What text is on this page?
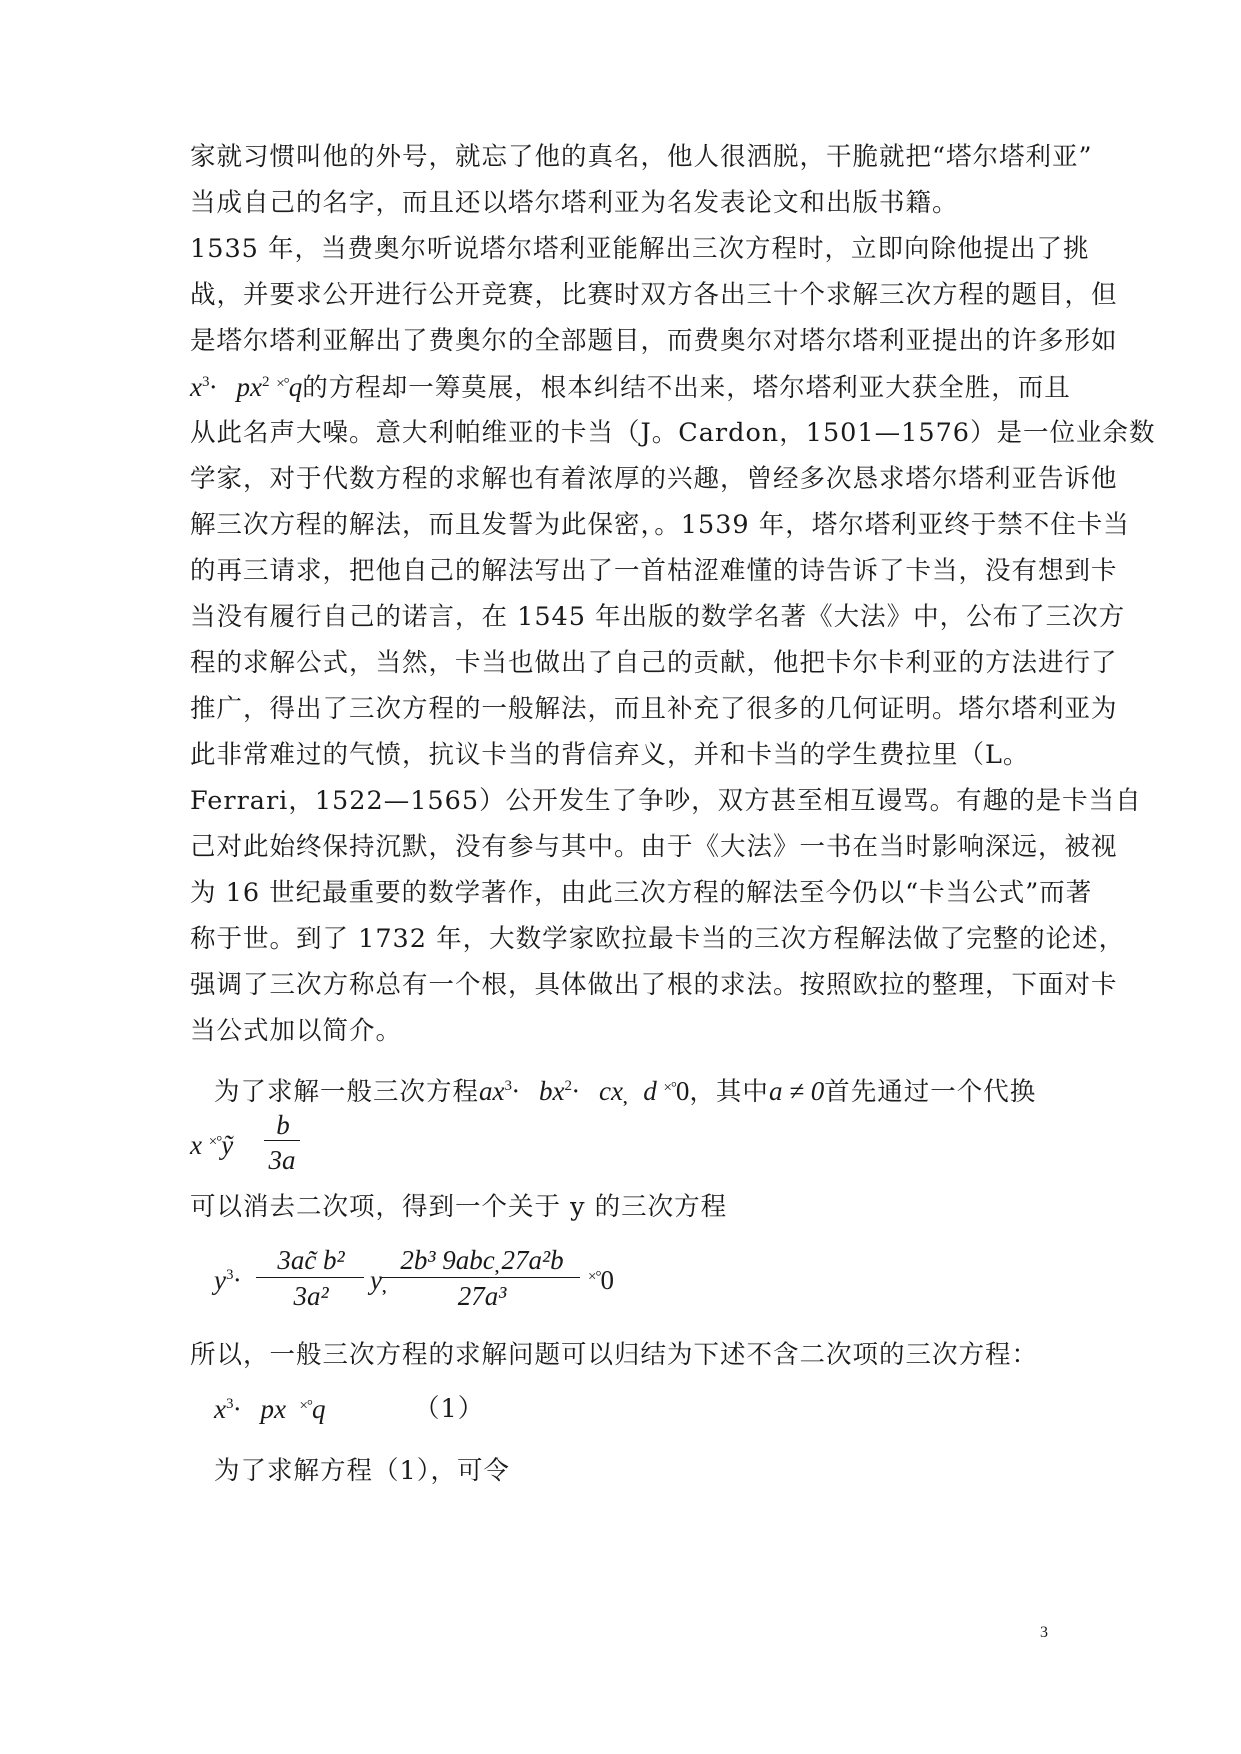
家就习惯叫他的外号，就忘了他的真名，他人很洒脱，干脆就把“塔尔塔利亚”
当成自己的名字，而且还以塔尔塔利亚为名发表论文和出版书籍。
1535 年，当费奥尔听说塔尔塔利亚能解出三次方程时，立即向除他提出了挑
战，并要求公开进行公开竞赛，比赛时双方各出三十个求解三次方程的题目，但
是塔尔塔利亚解出了费奥尔的全部题目，而费奥尔对塔尔塔利亚提出的许多形如
$x^3\cdot px^2$ ×°q的方程却一筹莫展，根本纠结不出来，塔尔塔利亚大获全胜，而且
从此名声大噪。意大利帕维亚的卡当（J。Cardon，1501—1576）是一位业余数
学家，对于代数方程的求解也有着浓厚的兴趣，曾经多次恳求塔尔塔利亚告诉他
解三次方程的解法，而且发誓为此保密，。1539 年，塔尔塔利亚终于禁不住卡当
的再三请求，把他自己的解法写出了一首枯涩难懂的诗告诉了卡当，没有想到卡
当没有履行自己的诺言，在 1545 年出版的数学名著《大法》中，公布了三次方
程的求解公式，当然，卡当也做出了自己的贡献，他把卡尔卡利亚的方法进行了
推广，得出了三次方程的一般解法，而且补充了很多的几何证明。塔尔塔利亚为
此非常难过的气愤，抗议卡当的背信弃义，并和卡当的学生费拉里（L。
Ferrari，1522—1565）公开发生了争吵，双方甚至相互谩骂。有趣的是卡当自
己对此始终保持沉默，没有参与其中。由于《大法》一书在当时影响深远，被视
为 16 世纪最重要的数学著作，由此三次方程的解法至今仍以“卡当公式”而著
称于世。到了 1732 年，大数学家欧拉最卡当的三次方程解法做了完整的论述，
强调了三次方称总有一个根，具体做出了根的求法。按照欧拉的整理，下面对卡
当公式加以简介。
为了求解一般三次方程$ax^3\cdot bx^2\cdot$ cx d ×°0，其中a ≠ 0首先通过一个代换
x ×°ỹ
b
3a
可以消去二次项，得到一个关于 y 的三次方程
$y^3\cdot$
3ac̃ b²
3a²
y̦
2b³ 9abc̦ 27a²b
27a³
×°0
所以，一般三次方程的求解问题可以归结为下述不含二次项的三次方程：
$x^3\cdot$ px ×°q	（1）
为了求解方程（1），可令
3
